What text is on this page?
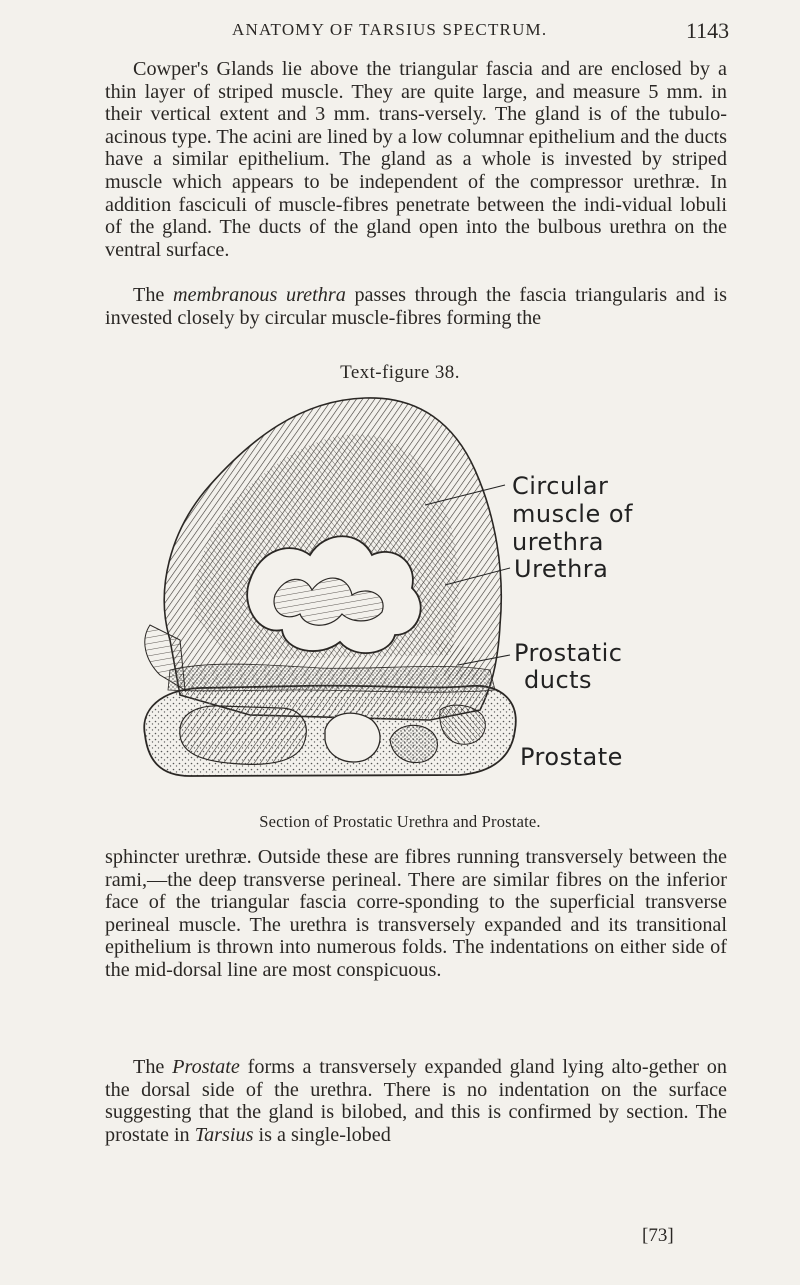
ANATOMY OF TARSIUS SPECTRUM.	1143

Cowper's Glands lie above the triangular fascia and are enclosed by a thin layer of striped muscle. They are quite large, and measure 5 mm. in their vertical extent and 3 mm. trans-versely. The gland is of the tubulo-acinous type. The acini are lined by a low columnar epithelium and the ducts have a similar epithelium. The gland as a whole is invested by striped muscle which appears to be independent of the compressor urethræ. In addition fasciculi of muscle-fibres penetrate between the indi-vidual lobuli of the gland. The ducts of the gland open into the bulbous urethra on the ventral surface.

The membranous urethra passes through the fascia triangularis and is invested closely by circular muscle-fibres forming the

Text-figure 38.
Circular
muscle of
urethra
Urethra
Prostatic
ducts
Prostate
Section of Prostatic Urethra and Prostate.

sphincter urethræ. Outside these are fibres running transversely between the rami,—the deep transverse perineal. There are similar fibres on the inferior face of the triangular fascia corre-sponding to the superficial transverse perineal muscle. The urethra is transversely expanded and its transitional epithelium is thrown into numerous folds. The indentations on either side of the mid-dorsal line are most conspicuous.

The Prostate forms a transversely expanded gland lying alto-gether on the dorsal side of the urethra. There is no indentation on the surface suggesting that the gland is bilobed, and this is confirmed by section. The prostate in Tarsius is a single-lobed

[73]
